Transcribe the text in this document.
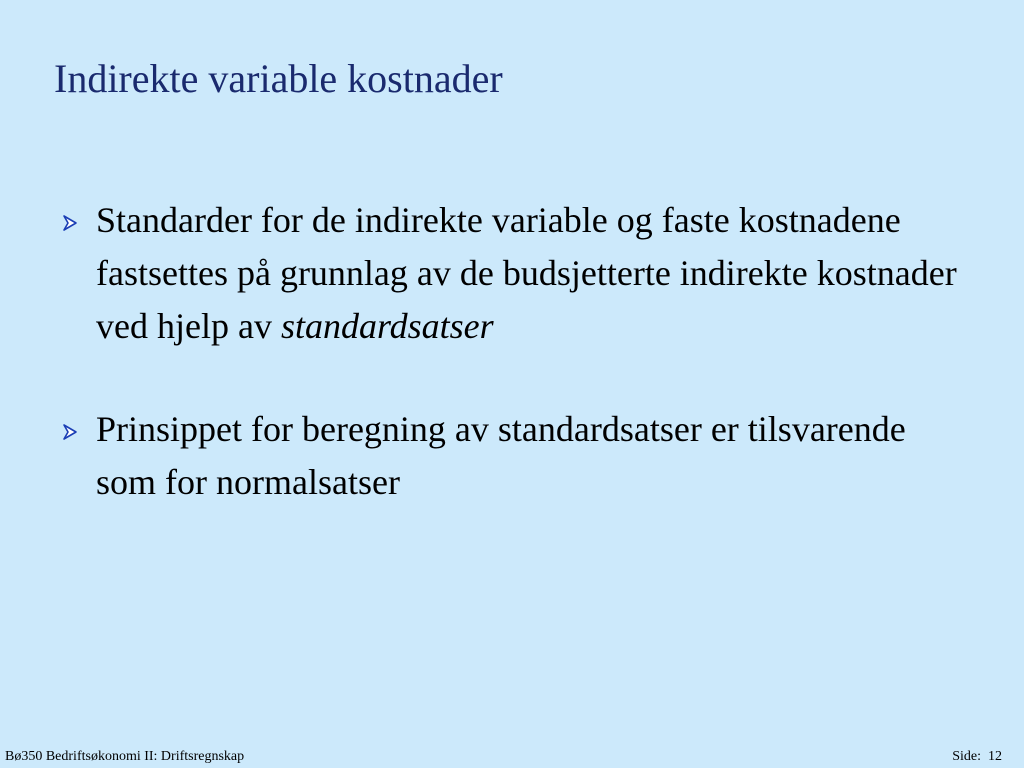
Indirekte variable kostnader
Standarder for de indirekte variable og faste kostnadene fastsettes på grunnlag av de budsjetterte indirekte kostnader ved hjelp av standardsatser
Prinsippet for beregning av standardsatser er tilsvarende som for normalsatser
Bø350 Bedriftsøkonomi II: Driftsregnskap	Side: 12
